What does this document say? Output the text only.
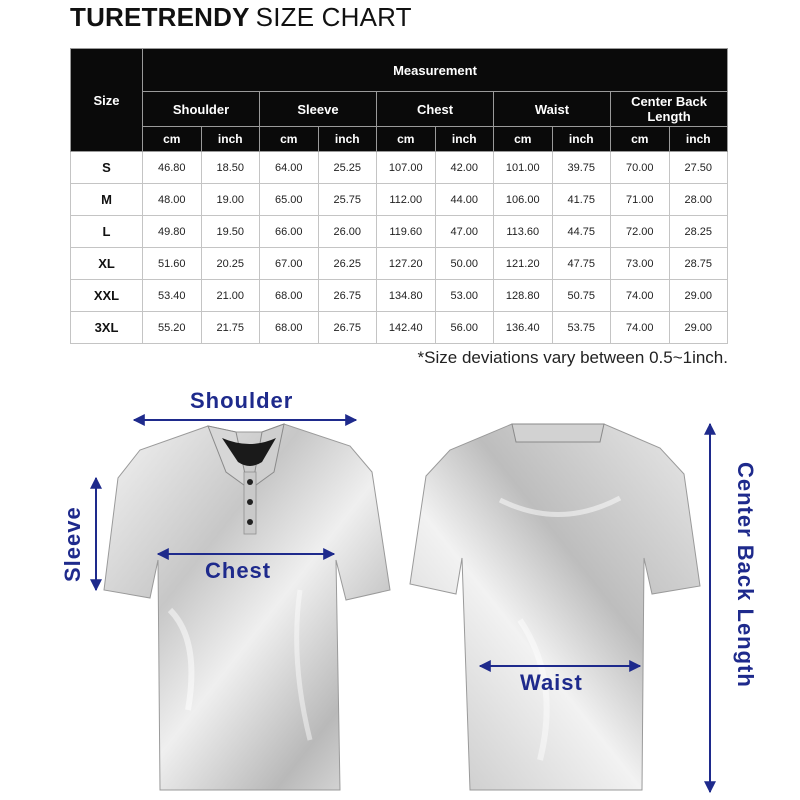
TURETRENDY SIZE CHART
Size	Measurement									
	Shoulder		Sleeve		Chest		Waist		Center Back Length	
	cm	inch	cm	inch	cm	inch	cm	inch	cm	inch
S	46.80	18.50	64.00	25.25	107.00	42.00	101.00	39.75	70.00	27.50
M	48.00	19.00	65.00	25.75	112.00	44.00	106.00	41.75	71.00	28.00
L	49.80	19.50	66.00	26.00	119.60	47.00	113.60	44.75	72.00	28.25
XL	51.60	20.25	67.00	26.25	127.20	50.00	121.20	47.75	73.00	28.75
XXL	53.40	21.00	68.00	26.75	134.80	53.00	128.80	50.75	74.00	29.00
3XL	55.20	21.75	68.00	26.75	142.40	56.00	136.40	53.75	74.00	29.00
*Size deviations vary between 0.5~1inch.
Shoulder
Chest
Waist
Sleeve	Center Back Length
